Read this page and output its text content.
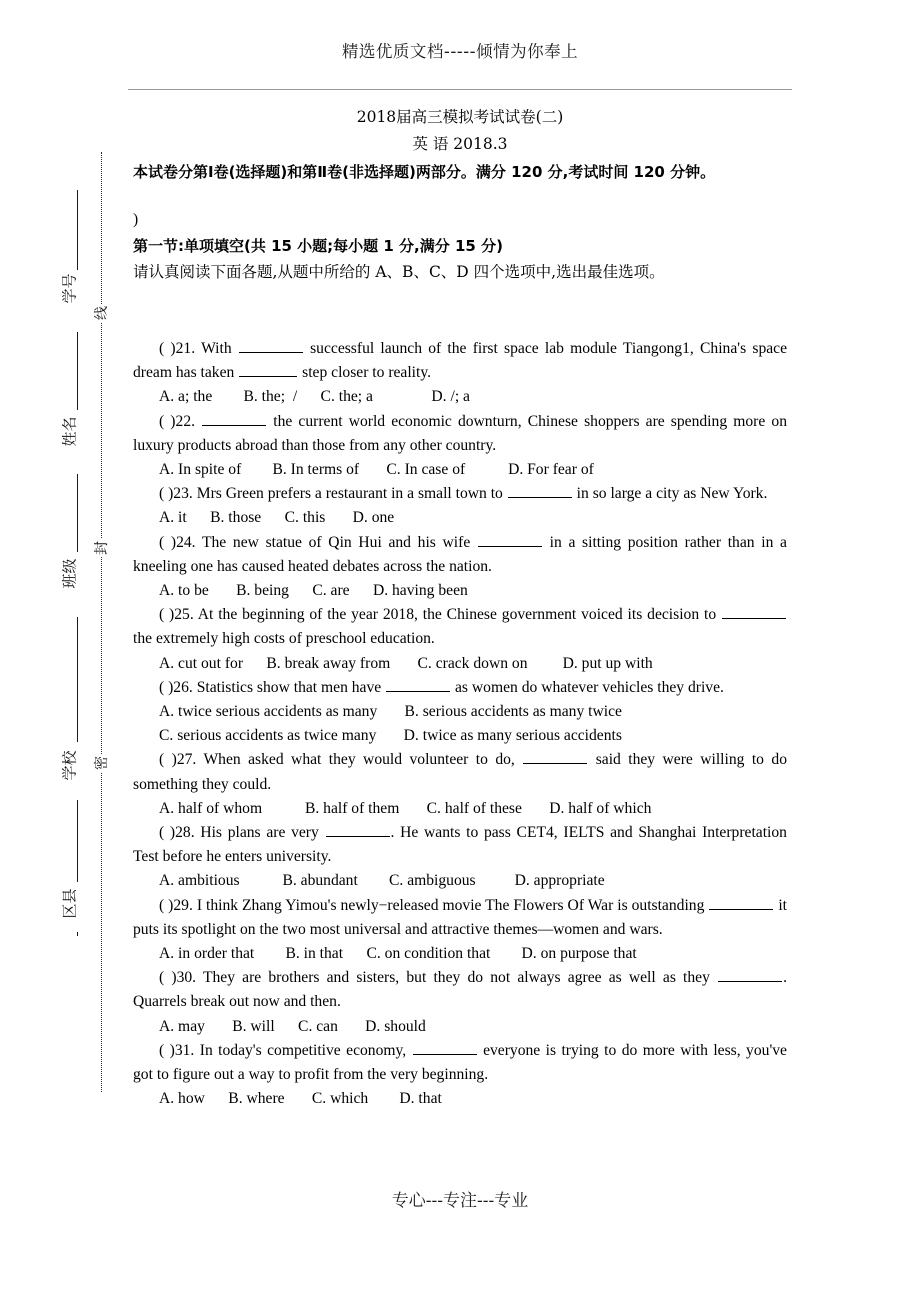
精选优质文档-----倾情为你奉上
线
封
密
学号
姓名
班级
学校
区县
2018届高三模拟考试试卷(二)
英 语 2018.3
本试卷分第Ⅰ卷(选择题)和第Ⅱ卷(非选择题)两部分。满分 120 分,考试时间 120 分钟。
)
第一节:单项填空(共 15 小题;每小题 1 分,满分 15 分)
请认真阅读下面各题,从题中所给的 A、B、C、D 四个选项中,选出最佳选项。

( )21. With	successful launch of the first space lab module Tiangong1, China's space dream has taken	step closer to reality.

A. a; the        B. the;  /      C. the; a               D. /; a

( )22.	the current world economic downturn, Chinese shoppers are spending more on luxury products abroad than those from any other country.

A. In spite of        B. In terms of       C. In case of           D. For fear of

( )23. Mrs Green prefers a restaurant in a small town to	in so large a city as New York.

A. it      B. those      C. this       D. one

( )24. The new statue of Qin Hui and his wife	in a sitting position rather than in a kneeling one has caused heated debates across the nation.

A. to be       B. being      C. are      D. having been

( )25. At the beginning of the year 2018, the Chinese government voiced its decision to  the extremely high costs of preschool education.

A. cut out for      B. break away from       C. crack down on         D. put up with

( )26. Statistics show that men have	as women do whatever vehicles they drive.

A. twice serious accidents as many       B. serious accidents as many twice

C. serious accidents as twice many       D. twice as many serious accidents

( )27. When asked what they would volunteer to do,	said they were willing to do something they could.

A. half of whom           B. half of them       C. half of these       D. half of which

( )28. His plans are very	. He wants to pass CET4, IELTS and Shanghai Interpretation Test before he enters university.

A. ambitious           B. abundant        C. ambiguous          D. appropriate

( )29. I think Zhang Yimou's newly−released movie The Flowers Of War is outstanding	it puts its spotlight on the two most universal and attractive themes—women and wars.

A. in order that        B. in that      C. on condition that        D. on purpose that

( )30. They are brothers and sisters, but they do not always agree as well as they	. Quarrels break out now and then.

A. may       B. will      C. can       D. should

( )31. In today's competitive economy,	everyone is trying to do more with less, you've got to figure out a way to profit from the very beginning.

A. how      B. where       C. which        D. that

专心---专注---专业
